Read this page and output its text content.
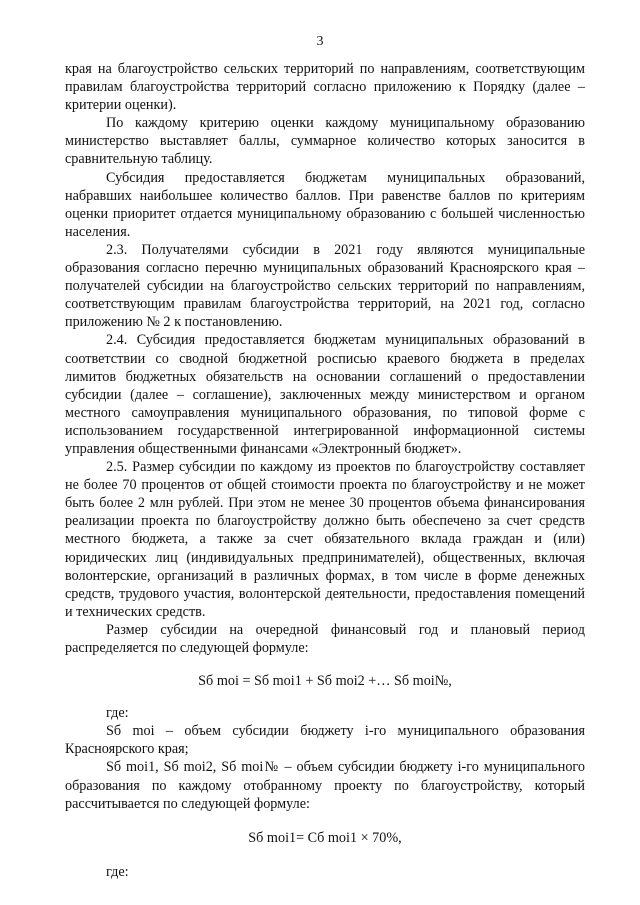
3

края на благоустройство сельских территорий по направлениям, соответствующим правилам благоустройства территорий согласно приложению к Порядку (далее – критерии оценки).

По каждому критерию оценки каждому муниципальному образованию министерство выставляет баллы, суммарное количество которых заносится в сравнительную таблицу.

Субсидия предоставляется бюджетам муниципальных образований, набравших наибольшее количество баллов. При равенстве баллов по критериям оценки приоритет отдается муниципальному образованию с большей численностью населения.

2.3. Получателями субсидии в 2021 году являются муниципальные образования согласно перечню муниципальных образований Красноярского края – получателей субсидии на благоустройство сельских территорий по направлениям, соответствующим правилам благоустройства территорий, на 2021 год, согласно приложению № 2 к постановлению.

2.4. Субсидия предоставляется бюджетам муниципальных образований в соответствии со сводной бюджетной росписью краевого бюджета в пределах лимитов бюджетных обязательств на основании соглашений о предоставлении субсидии (далее – соглашение), заключенных между министерством и органом местного самоуправления муниципального образования, по типовой форме с использованием государственной интегрированной информационной системы управления общественными финансами «Электронный бюджет».

2.5. Размер субсидии по каждому из проектов по благоустройству составляет не более 70 процентов от общей стоимости проекта по благоустройству и не может быть более 2 млн рублей. При этом не менее 30 процентов объема финансирования реализации проекта по благоустройству должно быть обеспечено за счет средств местного бюджета, а также за счет обязательного вклада граждан и (или) юридических лиц (индивидуальных предпринимателей), общественных, включая волонтерские, организаций в различных формах, в том числе в форме денежных средств, трудового участия, волонтерской деятельности, предоставления помещений и технических средств.

Размер субсидии на очередной финансовый год и плановый период распределяется по следующей формуле:

Sб moi = Sб moi1 + Sб moi2 +… Sб moi№,

где:

Sб moi – объем субсидии бюджету i-го муниципального образования Красноярского края;

Sб moi1, Sб moi2, Sб moi№ – объем субсидии бюджету i-го муниципального образования по каждому отобранному проекту по благоустройству, который рассчитывается по следующей формуле:

Sб moi1= Cб moi1 × 70%,

где:
